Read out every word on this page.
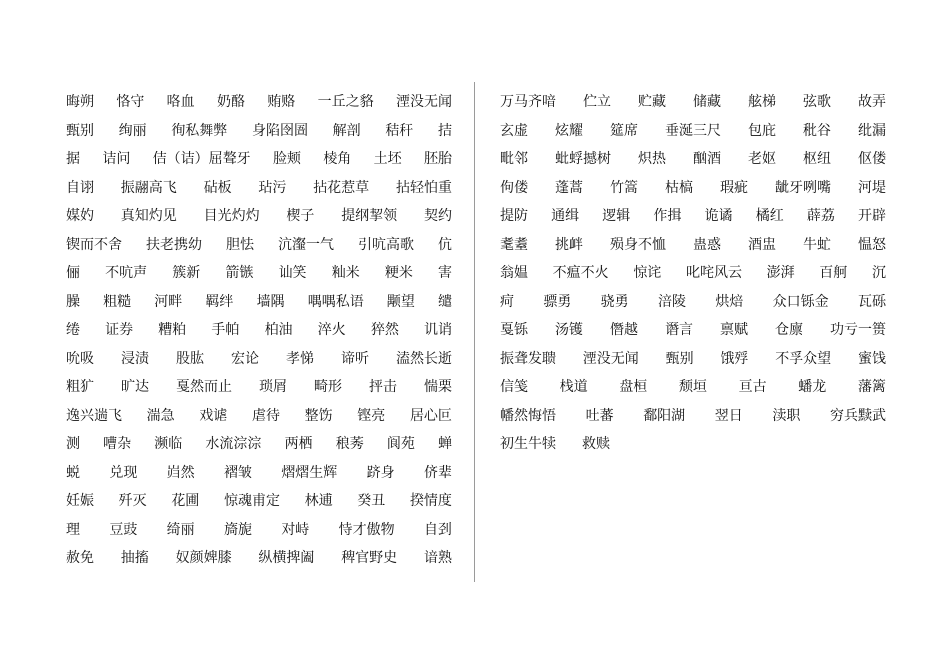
晦朔 恪守 咯血 奶酪 贿赂 一丘之貉 湮没无闻
甄别 绚丽 徇私舞弊 身陷囹圄 解剖 秸秆 拮
据 诘问 佶（诘）屈聱牙 脸颊 棱角 土坯 胚胎
自诩 振翮高飞 砧板 玷污 拈花惹草 拈轻怕重
媒妁 真知灼见 目光灼灼 楔子 提纲挈领 契约
锲而不舍 扶老携幼 胆怯 沆瀣一气 引吭高歌 伉
俪 不吭声 簇新 箭镞 讪笑 籼米 粳米 害
臊 粗糙 河畔 羁绊 墙隅 喁喁私语 颙望 缱
绻 证券 糟粕 手帕 柏油 淬火 猝然 讥诮
吮吸 浸渍 股肱 宏论 孝悌 谛听 溘然长逝
粗犷 旷达 戛然而止 琐屑 畸形 抨击 惴栗
逸兴遄飞 湍急 戏谑 虐待 整饬 铿亮 居心叵
测 嘈杂 濒临 水流淙淙 两栖 稂莠 阆苑 蝉
蜕 兑现 岿然 褶皱 熠熠生辉 跻身 侪辈
妊娠 歼灭 花圃 惊魂甫定 林逋 癸丑 揆情度
理 豆豉 绮丽 旖旎 对峙 恃才傲物 自刭
赦免 抽搐 奴颜婢膝 纵横捭阖 稗官野史 谙熟
万马齐喑 伫立 贮藏 储藏 舷梯 弦歌 故弄
玄虚 炫耀 筵席 垂涎三尺 包庇 秕谷 纰漏
毗邻 蚍蜉撼树 炽热 酗酒 老妪 枢纽 伛偻
佝偻 蓬蒿 竹篙 枯槁 瑕疵 龇牙咧嘴 河堤
提防 通缉 逻辑 作揖 诡谲 橘红 薜荔 开辟
耄耋 挑衅 殒身不恤 蛊惑 酒盅 牛虻 愠怒
翁媪 不瘟不火 惊诧 叱咤风云 澎湃 百舸 沉
疴 骠勇 骁勇 涪陵 烘焙 众口铄金 瓦砾
戛铄 汤镬 僭越 谮言 禀赋 仓廪 功亏一篑
振聋发聩 湮没无闻 甄别 饿殍 不孚众望 蜜饯
信笺 栈道 盘桓 颓垣 亘古 蟠龙 藩篱
幡然悔悟 吐蕃 鄱阳湖 翌日 渎职 穷兵黩武
初生牛犊 救赎
